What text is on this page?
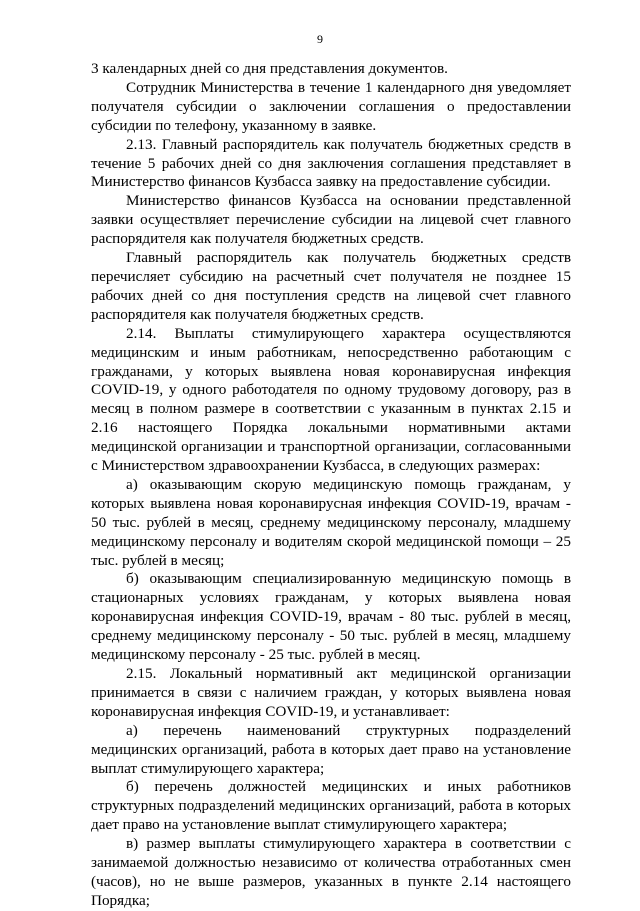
9

3 календарных дней со дня представления документов.

Сотрудник Министерства в течение 1 календарного дня уведомляет получателя субсидии о заключении соглашения о предоставлении субсидии по телефону, указанному в заявке.

2.13. Главный распорядитель как получатель бюджетных средств в течение 5 рабочих дней со дня заключения соглашения представляет в Министерство финансов Кузбасса заявку на предоставление субсидии.

Министерство финансов Кузбасса на основании представленной заявки осуществляет перечисление субсидии на лицевой счет главного распорядителя как получателя бюджетных средств.

Главный распорядитель как получатель бюджетных средств перечисляет субсидию на расчетный счет получателя не позднее 15 рабочих дней со дня поступления средств на лицевой счет главного распорядителя как получателя бюджетных средств.

2.14. Выплаты стимулирующего характера осуществляются медицинским и иным работникам, непосредственно работающим с гражданами, у которых выявлена новая коронавирусная инфекция COVID-19, у одного работодателя по одному трудовому договору, раз в месяц в полном размере в соответствии с указанным в пунктах 2.15 и 2.16 настоящего Порядка локальными нормативными актами медицинской организации и транспортной организации, согласованными с Министерством здравоохранении Кузбасса, в следующих размерах:

а) оказывающим скорую медицинскую помощь гражданам, у которых выявлена новая коронавирусная инфекция COVID-19, врачам - 50 тыс. рублей в месяц, среднему медицинскому персоналу, младшему медицинскому персоналу и водителям скорой медицинской помощи – 25 тыс. рублей в месяц;

б) оказывающим специализированную медицинскую помощь в стационарных условиях гражданам, у которых выявлена новая коронавирусная инфекция COVID-19, врачам - 80 тыс. рублей в месяц, среднему медицинскому персоналу - 50 тыс. рублей в месяц, младшему медицинскому персоналу - 25 тыс. рублей в месяц.

2.15. Локальный нормативный акт медицинской организации принимается в связи с наличием граждан, у которых выявлена новая коронавирусная инфекция COVID-19, и устанавливает:

а) перечень наименований структурных подразделений медицинских организаций, работа в которых дает право на установление выплат стимулирующего характера;

б) перечень должностей медицинских и иных работников структурных подразделений медицинских организаций, работа в которых дает право на установление выплат стимулирующего характера;

в) размер выплаты стимулирующего характера в соответствии с занимаемой должностью независимо от количества отработанных смен (часов), но не выше размеров, указанных в пункте 2.14 настоящего Порядка;
